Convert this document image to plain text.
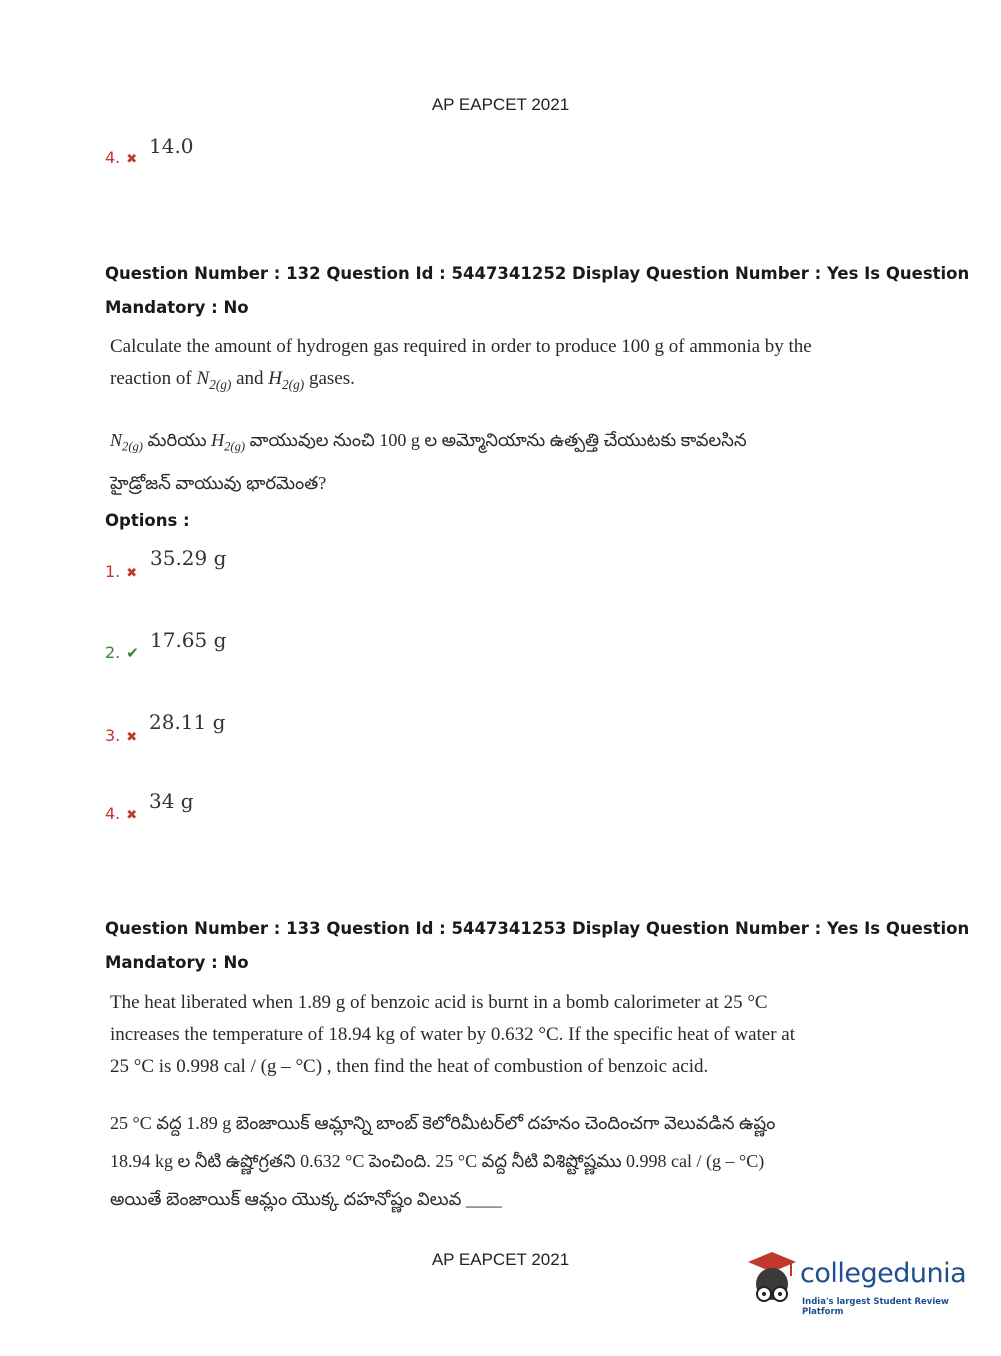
AP EAPCET 2021
4. ✖
14.0
Question Number : 132 Question Id : 5447341252 Display Question Number : Yes Is Question
Mandatory : No
Calculate the amount of hydrogen gas required in order to produce 100 g of ammonia by the
reaction of $N_{2(g)}$ and $H_{2(g)}$ gases.
$N_{2(g)}$ మరియు $H_{2(g)}$ వాయువుల నుంచి 100 g ల అమ్మోనియాను ఉత్పత్తి చేయుటకు కావలసిన
హైడ్రోజన్ వాయువు భారమెంత?
Options :
1. ✖
35.29 g
2. ✔
17.65 g
3. ✖
28.11 g
4. ✖
34 g
Question Number : 133 Question Id : 5447341253 Display Question Number : Yes Is Question
Mandatory : No
The heat liberated when 1.89 g of benzoic acid is burnt in a bomb calorimeter at 25 °C
increases the temperature of 18.94 kg of water by 0.632 °C. If the specific heat of water at
25 °C is 0.998 cal / (g – °C) , then find the heat of combustion of benzoic acid.
25 °C వద్ద 1.89 g బెంజాయిక్ ఆమ్లాన్ని బాంబ్ కెలోరిమీటర్‌లో దహనం చెందించగా వెలువడిన ఉష్ణం
18.94 kg ల నీటి ఉష్ణోగ్రతని 0.632 °C పెంచింది. 25 °C వద్ద నీటి విశిష్టోష్ణము 0.998 cal / (g – °C)
అయితే బెంజాయిక్ ఆమ్లం యొక్క దహనోష్ణం విలువ ____
AP EAPCET 2021	collegedunia
India's largest Student Review Platform
